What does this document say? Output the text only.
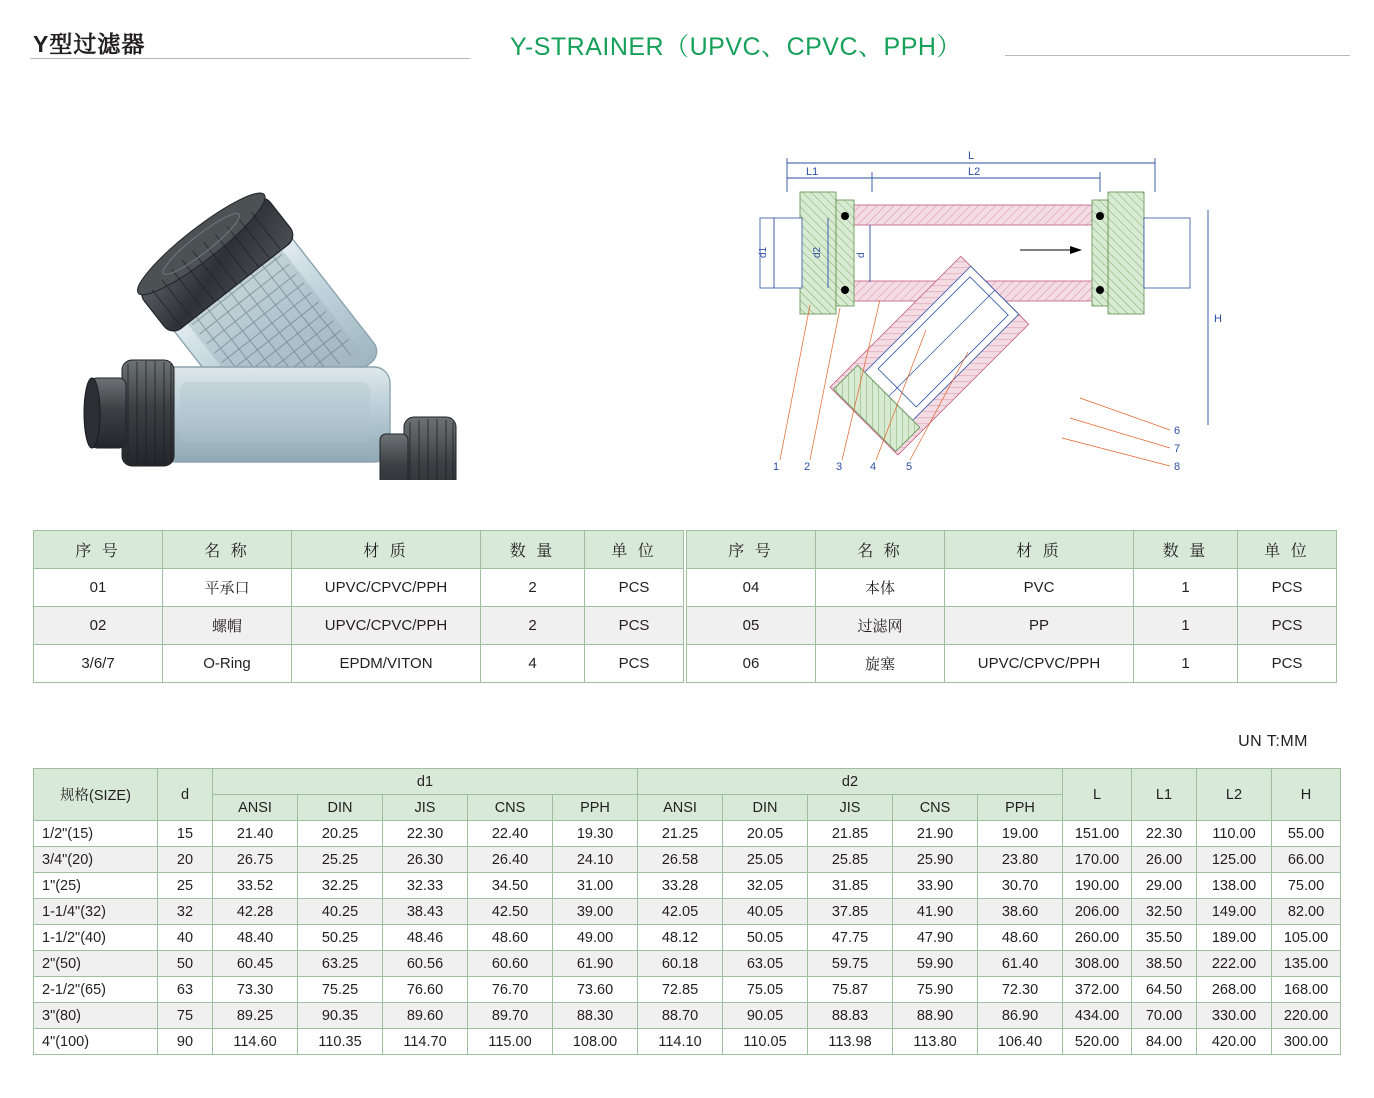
Y型过滤器	Y-STRAINER（UPVC、CPVC、PPH）
L
L1	L2
1 2 3	4	5
6
7
8
d1	d2	d
H
序 号	名 称	材 质	数 量	单 位
01	平承口	UPVC/CPVC/PPH	2	PCS
02	螺帽	UPVC/CPVC/PPH	2	PCS
3/6/7	O-Ring	EPDM/VITON	4	PCS
序 号	名 称	材 质	数 量	单 位
04	本体	PVC	1	PCS
05	过滤网	PP	1	PCS
06	旋塞	UPVC/CPVC/PPH	1	PCS
UN T:MM
规格(SIZE)	d	d1					d2					L	L1	L2	H
		ANSI	DIN	JIS	CNS	PPH	ANSI	DIN	JIS	CNS	PPH				
1/2"(15)	15	21.40	20.25	22.30	22.40	19.30	21.25	20.05	21.85	21.90	19.00	151.00	22.30	110.00	55.00
3/4"(20)	20	26.75	25.25	26.30	26.40	24.10	26.58	25.05	25.85	25.90	23.80	170.00	26.00	125.00	66.00
1"(25)	25	33.52	32.25	32.33	34.50	31.00	33.28	32.05	31.85	33.90	30.70	190.00	29.00	138.00	75.00
1-1/4"(32)	32	42.28	40.25	38.43	42.50	39.00	42.05	40.05	37.85	41.90	38.60	206.00	32.50	149.00	82.00
1-1/2"(40)	40	48.40	50.25	48.46	48.60	49.00	48.12	50.05	47.75	47.90	48.60	260.00	35.50	189.00	105.00
2"(50)	50	60.45	63.25	60.56	60.60	61.90	60.18	63.05	59.75	59.90	61.40	308.00	38.50	222.00	135.00
2-1/2"(65)	63	73.30	75.25	76.60	76.70	73.60	72.85	75.05	75.87	75.90	72.30	372.00	64.50	268.00	168.00
3"(80)	75	89.25	90.35	89.60	89.70	88.30	88.70	90.05	88.83	88.90	86.90	434.00	70.00	330.00	220.00
4"(100)	90	114.60	110.35	114.70	115.00	108.00	114.10	110.05	113.98	113.80	106.40	520.00	84.00	420.00	300.00
